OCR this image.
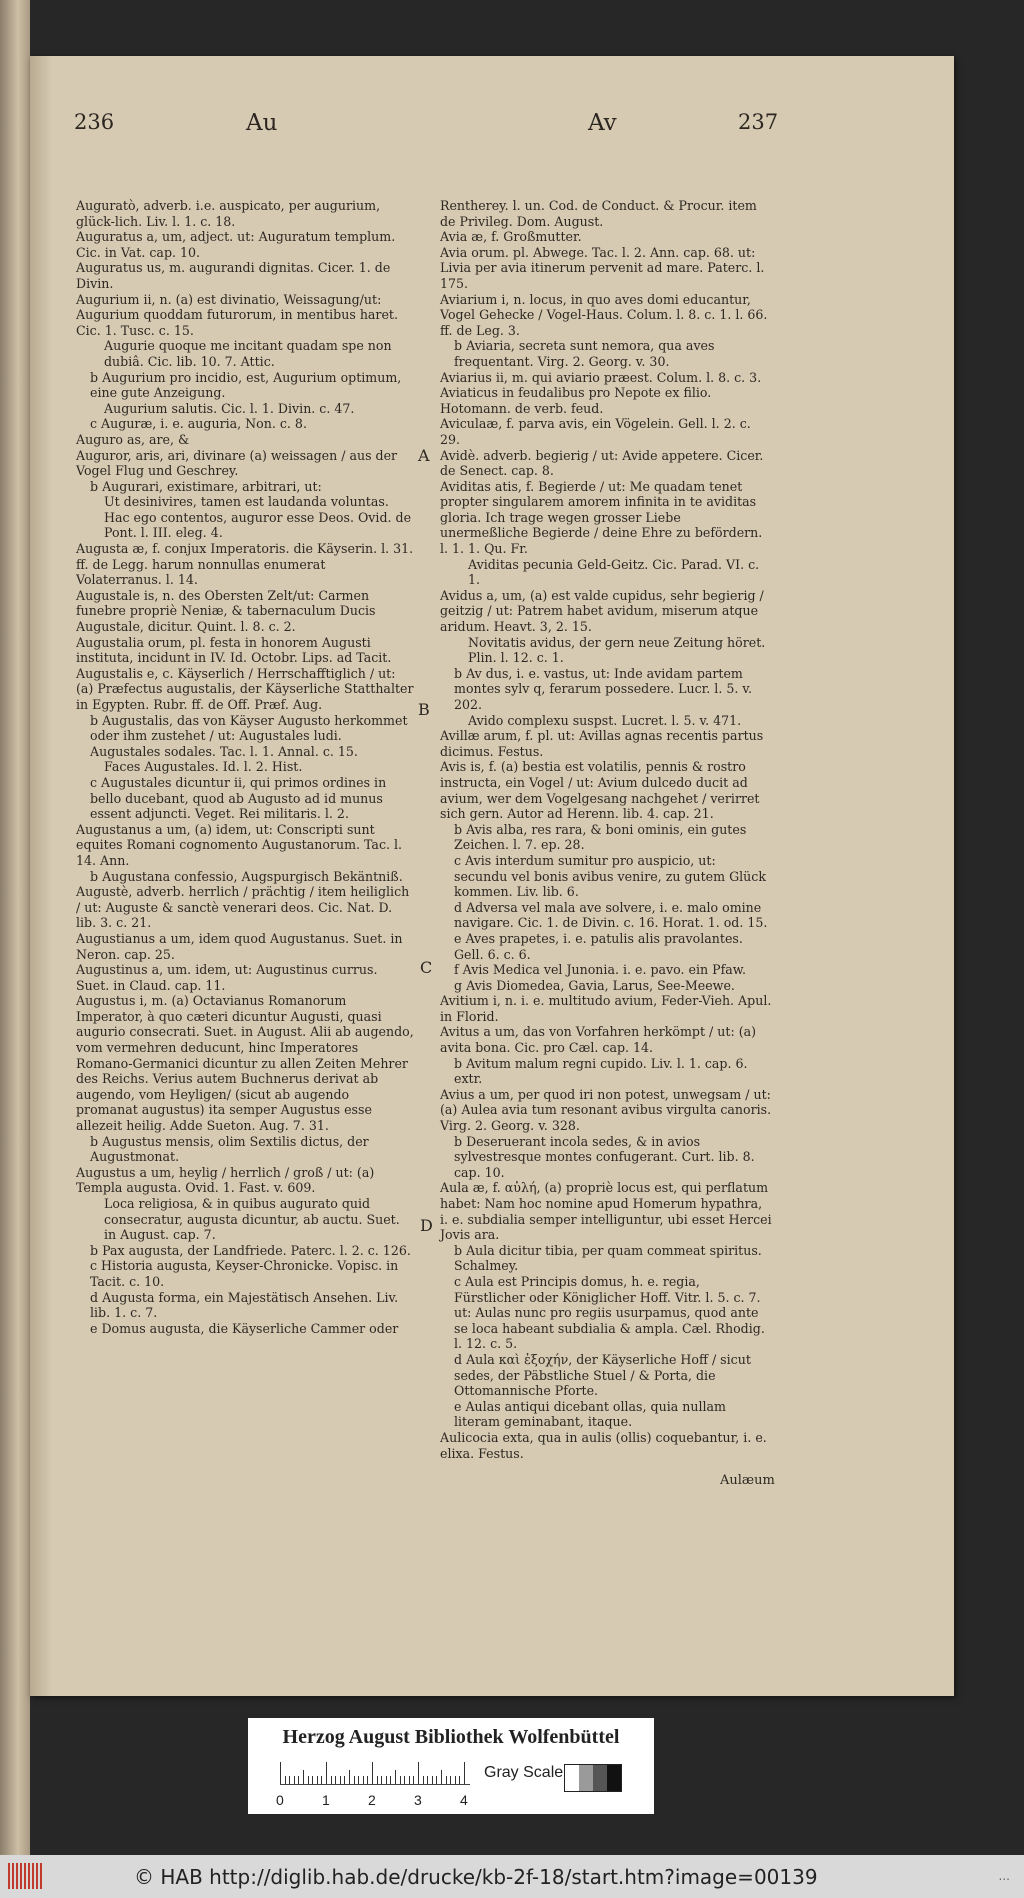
236	Au	Av	237

Auguratò, adverb. i.e. auspicato, per augurium, glück-lich. Liv. l. 1. c. 18.

Auguratus a, um, adject. ut: Auguratum templum. Cic. in Vat. cap. 10.

Auguratus us, m. augurandi dignitas. Cicer. 1. de Divin.

Augurium ii, n. (a) est divinatio, Weissagung/ut: Augurium quoddam futurorum, in mentibus haret. Cic. 1. Tusc. c. 15.

Augurie quoque me incitant quadam spe non dubiâ. Cic. lib. 10. 7. Attic.

b Augurium pro incidio, est, Augurium optimum, eine gute Anzeigung.

Augurium salutis. Cic. l. 1. Divin. c. 47.

c Auguræ, i. e. auguria, Non. c. 8.

Auguro as, are, &

Auguror, aris, ari, divinare (a) weissagen / aus der Vogel Flug und Geschrey.

b Augurari, existimare, arbitrari, ut:

Ut desinivires, tamen est laudanda voluntas.

Hac ego contentos, auguror esse Deos. Ovid. de Pont. l. III. eleg. 4.

Augusta æ, f. conjux Imperatoris. die Käyserin. l. 31. ff. de Legg. harum nonnullas enumerat Volaterranus. l. 14.

Augustale is, n. des Obersten Zelt/ut: Carmen funebre propriè Neniæ, & tabernaculum Ducis Augustale, dicitur. Quint. l. 8. c. 2.

Augustalia orum, pl. festa in honorem Augusti instituta, incidunt in IV. Id. Octobr. Lips. ad Tacit.

Augustalis e, c. Käyserlich / Herrschafftiglich / ut: (a) Præfectus augustalis, der Käyserliche Statthalter in Egypten. Rubr. ff. de Off. Præf. Aug.

b Augustalis, das von Käyser Augusto herkommet oder ihm zustehet / ut: Augustales ludi. Augustales sodales. Tac. l. 1. Annal. c. 15.

Faces Augustales. Id. l. 2. Hist.

c Augustales dicuntur ii, qui primos ordines in bello ducebant, quod ab Augusto ad id munus essent adjuncti. Veget. Rei militaris. l. 2.

Augustanus a um, (a) idem, ut: Conscripti sunt equites Romani cognomento Augustanorum. Tac. l. 14. Ann.

b Augustana confessio, Augspurgisch Bekäntniß.

Augustè, adverb. herrlich / prächtig / item heiliglich / ut: Auguste & sanctè venerari deos. Cic. Nat. D. lib. 3. c. 21.

Augustianus a um, idem quod Augustanus. Suet. in Neron. cap. 25.

Augustinus a, um. idem, ut: Augustinus currus. Suet. in Claud. cap. 11.

Augustus i, m. (a) Octavianus Romanorum Imperator, à quo cæteri dicuntur Augusti, quasi augurio consecrati. Suet. in August. Alii ab augendo, vom vermehren deducunt, hinc Imperatores Romano-Germanici dicuntur zu allen Zeiten Mehrer des Reichs. Verius autem Buchnerus derivat ab augendo, vom Heyligen/ (sicut ab augendo promanat augustus) ita semper Augustus esse allezeit heilig. Adde Sueton. Aug. 7. 31.

b Augustus mensis, olim Sextilis dictus, der Augustmonat.

Augustus a um, heylig / herrlich / groß / ut: (a) Templa augusta. Ovid. 1. Fast. v. 609.

Loca religiosa, & in quibus augurato quid consecratur, augusta dicuntur, ab auctu. Suet. in August. cap. 7.

b Pax augusta, der Landfriede. Paterc. l. 2. c. 126.

c Historia augusta, Keyser-Chronicke. Vopisc. in Tacit. c. 10.

d Augusta forma, ein Majestätisch Ansehen. Liv. lib. 1. c. 7.

e Domus augusta, die Käyserliche Cammer oder

Rentherey. l. un. Cod. de Conduct. & Procur. item de Privileg. Dom. August.

Avia æ, f. Großmutter.

Avia orum. pl. Abwege. Tac. l. 2. Ann. cap. 68. ut: Livia per avia itinerum pervenit ad mare. Paterc. l. 175.

Aviarium i, n. locus, in quo aves domi educantur, Vogel Gehecke / Vogel-Haus. Colum. l. 8. c. 1. l. 66. ff. de Leg. 3.

b Aviaria, secreta sunt nemora, qua aves frequentant. Virg. 2. Georg. v. 30.

Aviarius ii, m. qui aviario præest. Colum. l. 8. c. 3.

Aviaticus in feudalibus pro Nepote ex filio. Hotomann. de verb. feud.

Aviculaæ, f. parva avis, ein Vögelein. Gell. l. 2. c. 29.

Avidè. adverb. begierig / ut: Avide appetere. Cicer. de Senect. cap. 8.

Aviditas atis, f. Begierde / ut: Me quadam tenet propter singularem amorem infinita in te aviditas gloria. Ich trage wegen grosser Liebe unermeßliche Begierde / deine Ehre zu befördern. l. 1. 1. Qu. Fr.

Aviditas pecunia Geld-Geitz. Cic. Parad. VI. c. 1.

Avidus a, um, (a) est valde cupidus, sehr begierig / geitzig / ut: Patrem habet avidum, miserum atque aridum. Heavt. 3, 2. 15.

Novitatis avidus, der gern neue Zeitung höret. Plin. l. 12. c. 1.

b Av dus, i. e. vastus, ut: Inde avidam partem montes sylv q, ferarum possedere. Lucr. l. 5. v. 202.

Avido complexu suspst. Lucret. l. 5. v. 471.

Avillæ arum, f. pl. ut: Avillas agnas recentis partus dicimus. Festus.

Avis is, f. (a) bestia est volatilis, pennis & rostro instructa, ein Vogel / ut: Avium dulcedo ducit ad avium, wer dem Vogelgesang nachgehet / verirret sich gern. Autor ad Herenn. lib. 4. cap. 21.

b Avis alba, res rara, & boni ominis, ein gutes Zeichen. l. 7. ep. 28.

c Avis interdum sumitur pro auspicio, ut: secundu vel bonis avibus venire, zu gutem Glück kommen. Liv. lib. 6.

d Adversa vel mala ave solvere, i. e. malo omine navigare. Cic. 1. de Divin. c. 16. Horat. 1. od. 15.

e Aves prapetes, i. e. patulis alis pravolantes. Gell. 6. c. 6.

f Avis Medica vel Junonia. i. e. pavo. ein Pfaw.

g Avis Diomedea, Gavia, Larus, See-Meewe.

Avitium i, n. i. e. multitudo avium, Feder-Vieh. Apul. in Florid.

Avitus a um, das von Vorfahren herkömpt / ut: (a) avita bona. Cic. pro Cæl. cap. 14.

b Avitum malum regni cupido. Liv. l. 1. cap. 6. extr.

Avius a um, per quod iri non potest, unwegsam / ut: (a) Aulea avia tum resonant avibus virgulta canoris. Virg. 2. Georg. v. 328.

b Deseruerant incola sedes, & in avios sylvestresque montes confugerant. Curt. lib. 8. cap. 10.

Aula æ, f. αὐλή, (a) propriè locus est, qui perflatum habet: Nam hoc nomine apud Homerum hypathra, i. e. subdialia semper intelliguntur, ubi esset Hercei Jovis ara.

b Aula dicitur tibia, per quam commeat spiritus. Schalmey.

c Aula est Principis domus, h. e. regia, Fürstlicher oder Königlicher Hoff. Vitr. l. 5. c. 7. ut: Aulas nunc pro regiis usurpamus, quod ante se loca habeant subdialia & ampla. Cæl. Rhodig. l. 12. c. 5.

d Aula καὶ ἐξοχήν, der Käyserliche Hoff / sicut sedes, der Päbstliche Stuel / & Porta, die Ottomannische Pforte.

e Aulas antiqui dicebant ollas, quia nullam literam geminabant, itaque.

Aulicocia exta, qua in aulis (ollis) coquebantur, i. e. elixa. Festus.

A
B
C
D
Aulæum
Herzog August Bibliothek Wolfenbüttel
Gray Scale
0	1	2	3	4
© HAB http://diglib.hab.de/drucke/kb-2f-18/start.htm?image=00139	...
